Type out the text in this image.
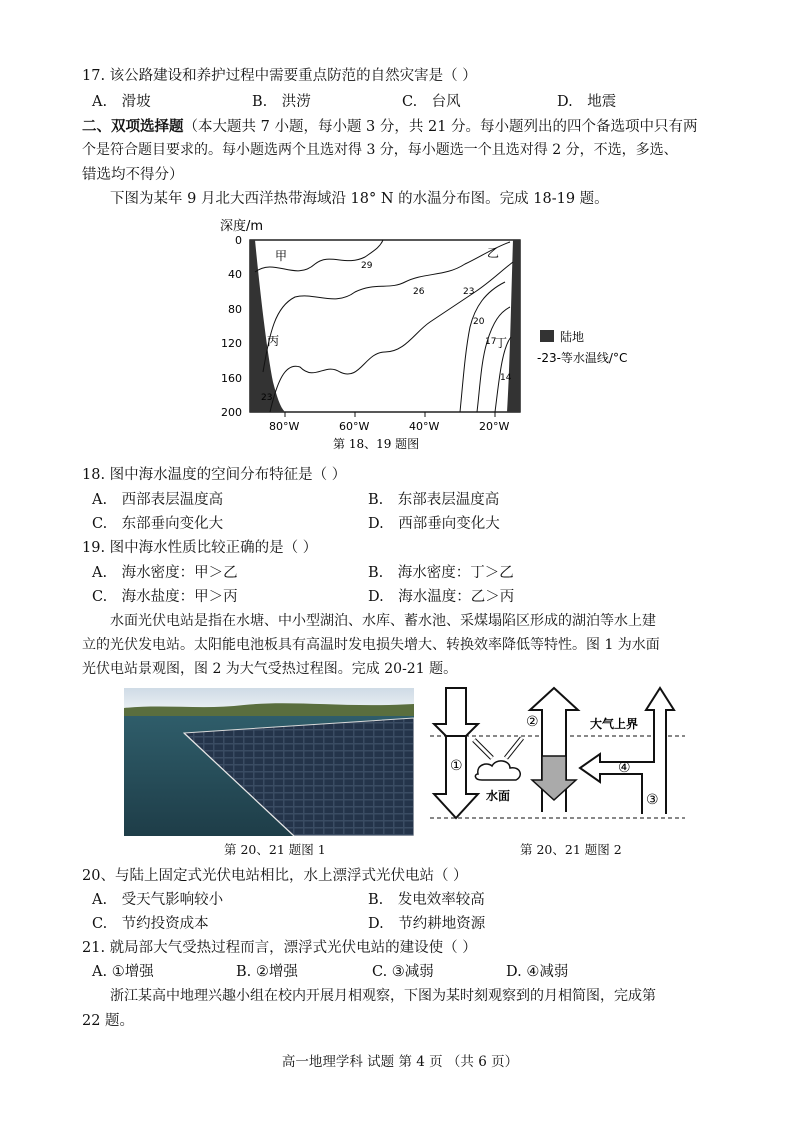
17. 该公路建设和养护过程中需要重点防范的自然灾害是（ ）
A.　滑坡	B.　洪涝	C.　台风	D.　地震
二、双项选择题（本大题共 7 小题，每小题 3 分，共 21 分。每小题列出的四个备选项中只有两
个是符合题目要求的。每小题选两个且选对得 3 分，每小题选一个且选对得 2 分，不选，多选、
错选均不得分）
下图为某年 9 月北大西洋热带海域沿 18° N 的水温分布图。完成 18-19 题。
深度/m
甲	乙
丙	丁
29
26	23
20
17
14
23
0
40
80
120
160
200
80°W	60°W	40°W	20°W
陆地
-23-等水温线/°C
第 18、19 题图
18. 图中海水温度的空间分布特征是（ ）
A.　西部表层温度高	B.　东部表层温度高
C.　东部垂向变化大	D.　西部垂向变化大
19. 图中海水性质比较正确的是（ ）
A.　海水密度：甲＞乙	B.　海水密度：丁＞乙
C.　海水盐度：甲＞丙	D.　海水温度：乙＞丙
水面光伏电站是指在水塘、中小型湖泊、水库、蓄水池、采煤塌陷区形成的湖泊等水上建
立的光伏发电站。太阳能电池板具有高温时发电损失增大、转换效率降低等特性。图 1 为水面
光伏电站景观图，图 2 为大气受热过程图。完成 20-21 题。
第 20、21 题图 1
①
②
水面
大气上界
④
③
第 20、21 题图 2
20、与陆上固定式光伏电站相比，水上漂浮式光伏电站（ ）
A.　受天气影响较小	B.　发电效率较高
C.　节约投资成本	D.　节约耕地资源
21. 就局部大气受热过程而言，漂浮式光伏电站的建设使（ ）
A. ①增强	B. ②增强	C. ③减弱	D. ④减弱
浙江某高中地理兴趣小组在校内开展月相观察，下图为某时刻观察到的月相简图，完成第
22 题。
高一地理学科 试题 第 4 页 （共 6 页）
